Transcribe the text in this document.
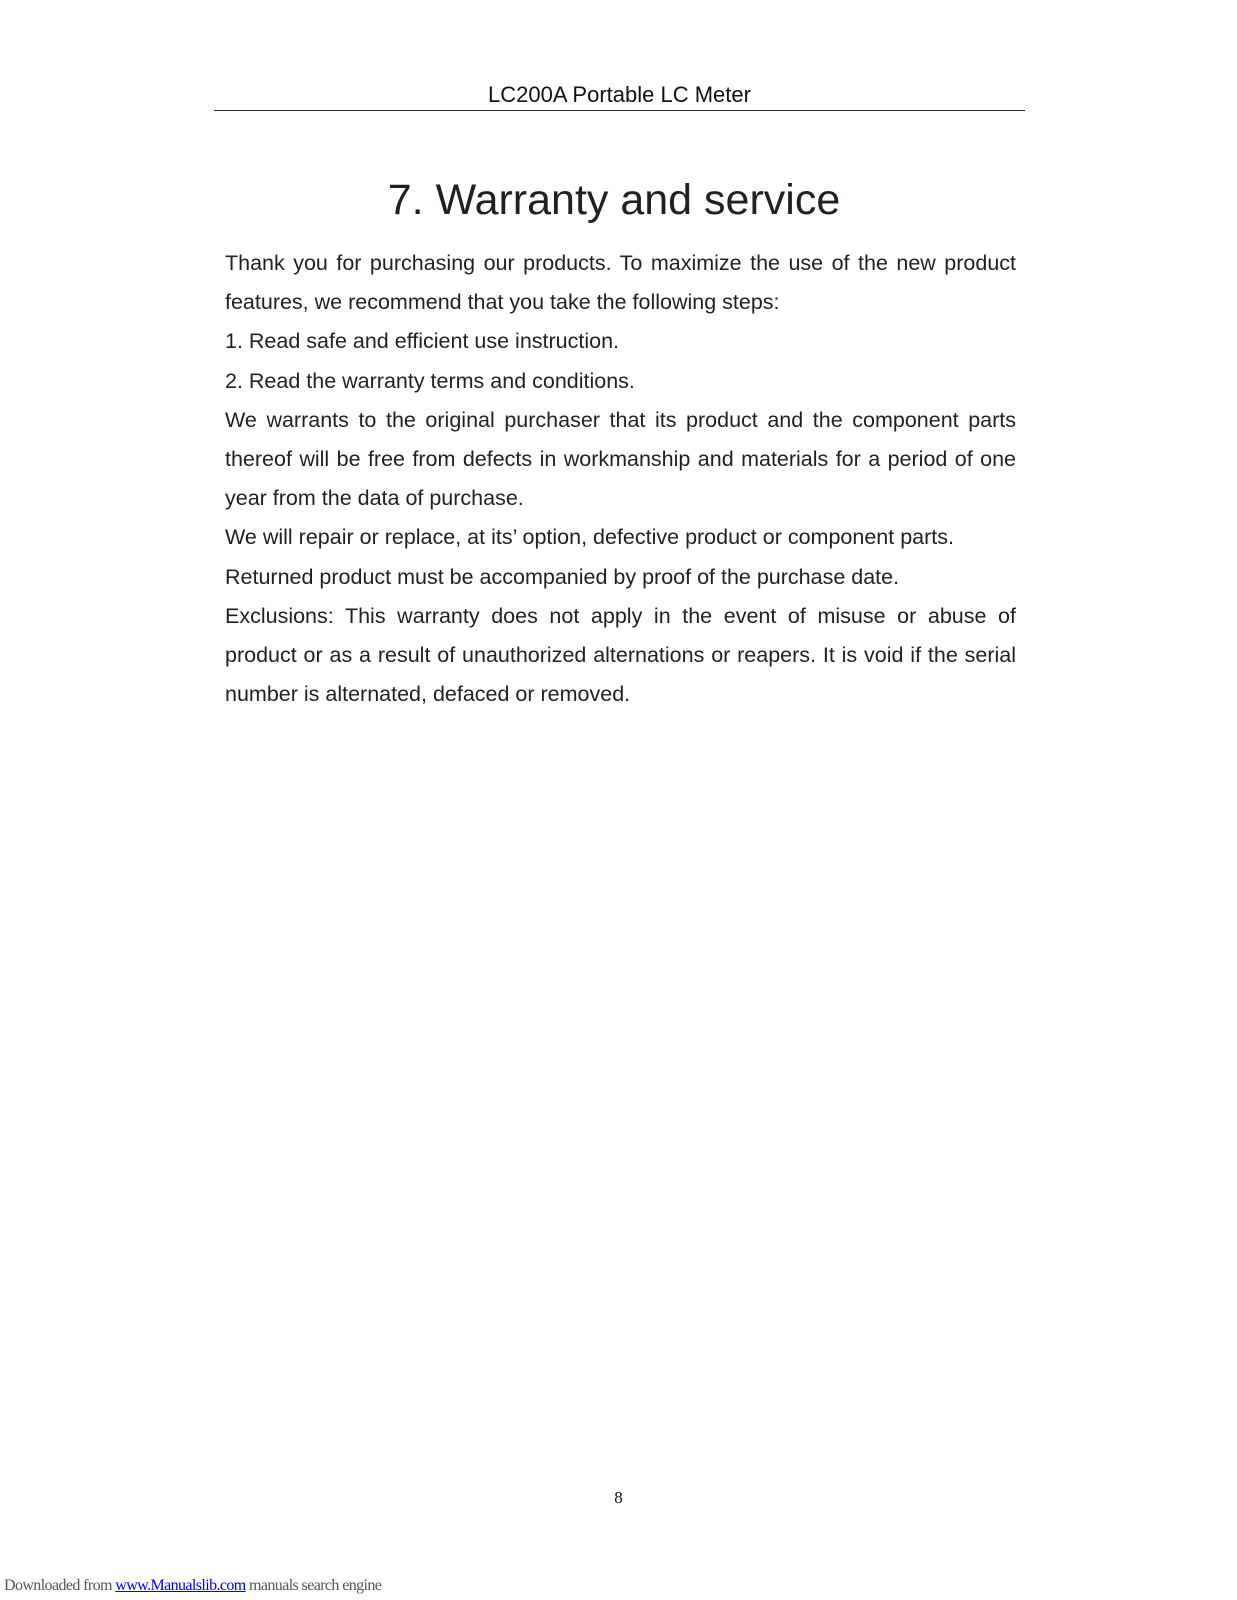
LC200A Portable LC Meter
7. Warranty and service

Thank you for purchasing our products. To maximize the use of the new product features, we recommend that you take the following steps:

1. Read safe and efficient use instruction.

2. Read the warranty terms and conditions.

We warrants to the original purchaser that its product and the component parts thereof will be free from defects in workmanship and materials for a period of one year from the data of purchase.

We will repair or replace, at its’ option, defective product or component parts.

Returned product must be accompanied by proof of the purchase date.

Exclusions: This warranty does not apply in the event of misuse or abuse of product or as a result of unauthorized alternations or reapers. It is void if the serial number is alternated, defaced or removed.

8
Downloaded from www.Manualslib.com manuals search engine
